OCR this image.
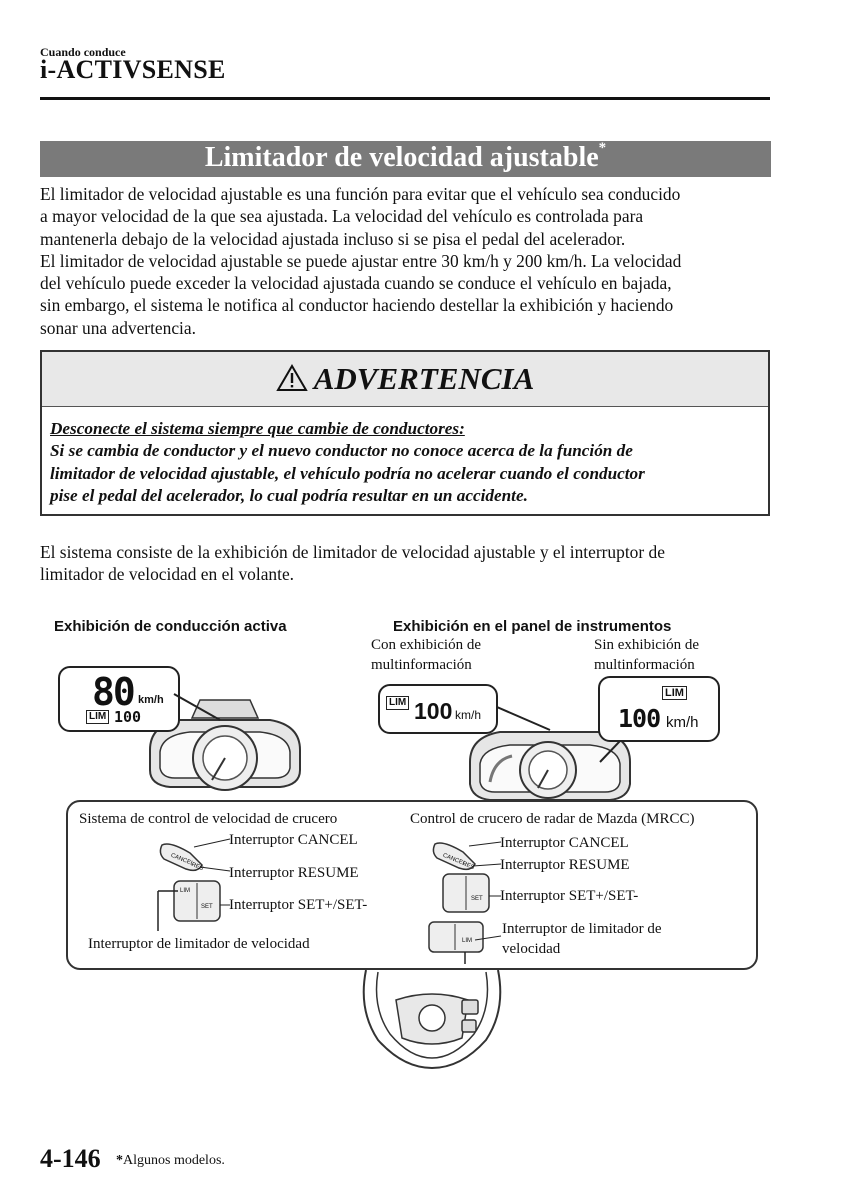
Cuando conduce
i-ACTIVSENSE
Limitador de velocidad ajustable*
El limitador de velocidad ajustable es una función para evitar que el vehículo sea conducido
a mayor velocidad de la que sea ajustada. La velocidad del vehículo es controlada para
mantenerla debajo de la velocidad ajustada incluso si se pisa el pedal del acelerador.
El limitador de velocidad ajustable se puede ajustar entre 30 km/h y 200 km/h. La velocidad
del vehículo puede exceder la velocidad ajustada cuando se conduce el vehículo en bajada,
sin embargo, el sistema le notifica al conductor haciendo destellar la exhibición y haciendo
sonar una advertencia.
ADVERTENCIA
Desconecte el sistema siempre que cambie de conductores:
Si se cambia de conductor y el nuevo conductor no conoce acerca de la función de
limitador de velocidad ajustable, el vehículo podría no acelerar cuando el conductor
pise el pedal del acelerador, lo cual podría resultar en un accidente.
El sistema consiste de la exhibición de limitador de velocidad ajustable y el interruptor de
limitador de velocidad en el volante.
Exhibición de conducción activa	Exhibición en el panel de instrumentos
Con exhibición de
multinformación
Sin exhibición de
multinformación
80 km/h
LIM 100
LIM 100 km/h
LIM
100 km/h
Sistema de control de velocidad de crucero
Interruptor CANCEL
Interruptor RESUME
Interruptor SET+/SET-
Interruptor de limitador de velocidad
CANCEL
RES
LIM
SET
Control de crucero de radar de Mazda (MRCC)
Interruptor CANCEL
Interruptor RESUME
Interruptor SET+/SET-
Interruptor de limitador de
velocidad
CANCEL
RES
SET
LIM
4-146 *Algunos modelos.
